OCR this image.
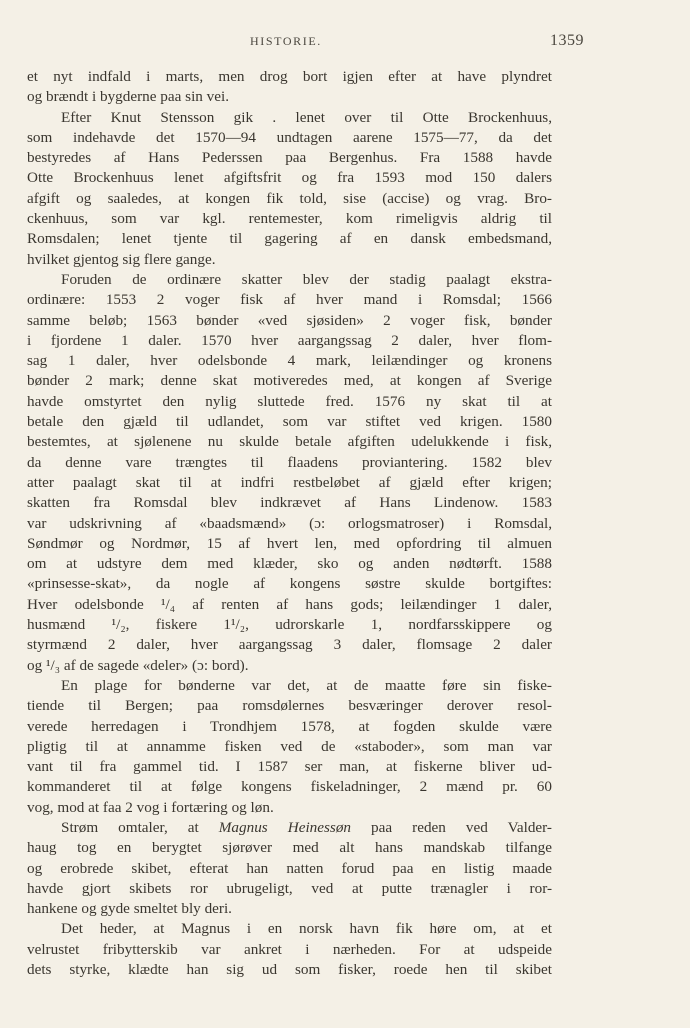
HISTORIE.	1359
et nyt indfald i marts, men drog bort igjen efter at have plyndret
og brændt i bygderne paa sin vei.
Efter Knut Stensson gik . lenet over til Otte Brockenhuus,
som indehavde det 1570—94 undtagen aarene 1575—77, da det
bestyredes af Hans Pederssen paa Bergenhus. Fra 1588 havde
Otte Brockenhuus lenet afgiftsfrit og fra 1593 mod 150 dalers
afgift og saaledes, at kongen fik told, sise (accise) og vrag. Bro-
ckenhuus, som var kgl. rentemester, kom rimeligvis aldrig til
Romsdalen; lenet tjente til gagering af en dansk embedsmand,
hvilket gjentog sig flere gange.
Foruden de ordinære skatter blev der stadig paalagt ekstra-
ordinære: 1553 2 voger fisk af hver mand i Romsdal; 1566
samme beløb; 1563 bønder «ved sjøsiden» 2 voger fisk, bønder
i fjordene 1 daler. 1570 hver aargangssag 2 daler, hver flom-
sag 1 daler, hver odelsbonde 4 mark, leilændinger og kronens
bønder 2 mark; denne skat motiveredes med, at kongen af Sverige
havde omstyrtet den nylig sluttede fred. 1576 ny skat til at
betale den gjæld til udlandet, som var stiftet ved krigen. 1580
bestemtes, at sjølenene nu skulde betale afgiften udelukkende i fisk,
da denne vare trængtes til flaadens proviantering. 1582 blev
atter paalagt skat til at indfri restbeløbet af gjæld efter krigen;
skatten fra Romsdal blev indkrævet af Hans Lindenow. 1583
var udskrivning af «baadsmænd» (ɔ: orlogsmatroser) i Romsdal,
Søndmør og Nordmør, 15 af hvert len, med opfordring til almuen
om at udstyre dem med klæder, sko og anden nødtørft. 1588
«prinsesse-skat», da nogle af kongens søstre skulde bortgiftes:
Hver odelsbonde ¹/₄ af renten af hans gods; leilændinger 1 daler,
husmænd ¹/₂, fiskere 1¹/₂, udrorskarle 1, nordfarsskippere og
styrmænd 2 daler, hver aargangssag 3 daler, flomsage 2 daler
og ¹/₃ af de sagede «deler» (ɔ: bord).
En plage for bønderne var det, at de maatte føre sin fiske-
tiende til Bergen; paa romsdølernes besværinger derover resol-
verede herredagen i Trondhjem 1578, at fogden skulde være
pligtig til at annamme fisken ved de «staboder», som man var
vant til fra gammel tid. I 1587 ser man, at fiskerne bliver ud-
kommanderet til at følge kongens fiskeladninger, 2 mænd pr. 60
vog, mod at faa 2 vog i fortæring og løn.
Strøm omtaler, at Magnus Heinessøn paa reden ved Valder-
haug tog en berygtet sjørøver med alt hans mandskab tilfange
og erobrede skibet, efterat han natten forud paa en listig maade
havde gjort skibets ror ubrugeligt, ved at putte trænagler i ror-
hankene og gyde smeltet bly deri.
Det heder, at Magnus i en norsk havn fik høre om, at et
velrustet fribytterskib var ankret i nærheden. For at udspeide
dets styrke, klædte han sig ud som fisker, roede hen til skibet
